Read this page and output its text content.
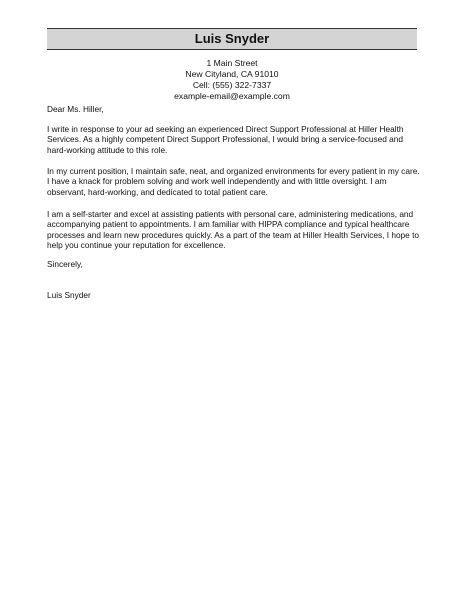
Luis Snyder
1 Main Street
New Cityland, CA 91010
Cell: (555) 322-7337
example-email@example.com

Dear Ms. Hiller,

I write in response to your ad seeking an experienced Direct Support Professional at Hiller Health Services. As a highly competent Direct Support Professional, I would bring a service-focused and hard-working attitude to this role.

In my current position, I maintain safe, neat, and organized environments for every patient in my care. I have a knack for problem solving and work well independently and with little oversight. I am observant, hard-working, and dedicated to total patient care.

I am a self-starter and excel at assisting patients with personal care, administering medications, and accompanying patient to appointments. I am familiar with HIPPA compliance and typical healthcare processes and learn new procedures quickly. As a part of the team at Hiller Health Services, I hope to help you continue your reputation for excellence.

Sincerely,

Luis Snyder
